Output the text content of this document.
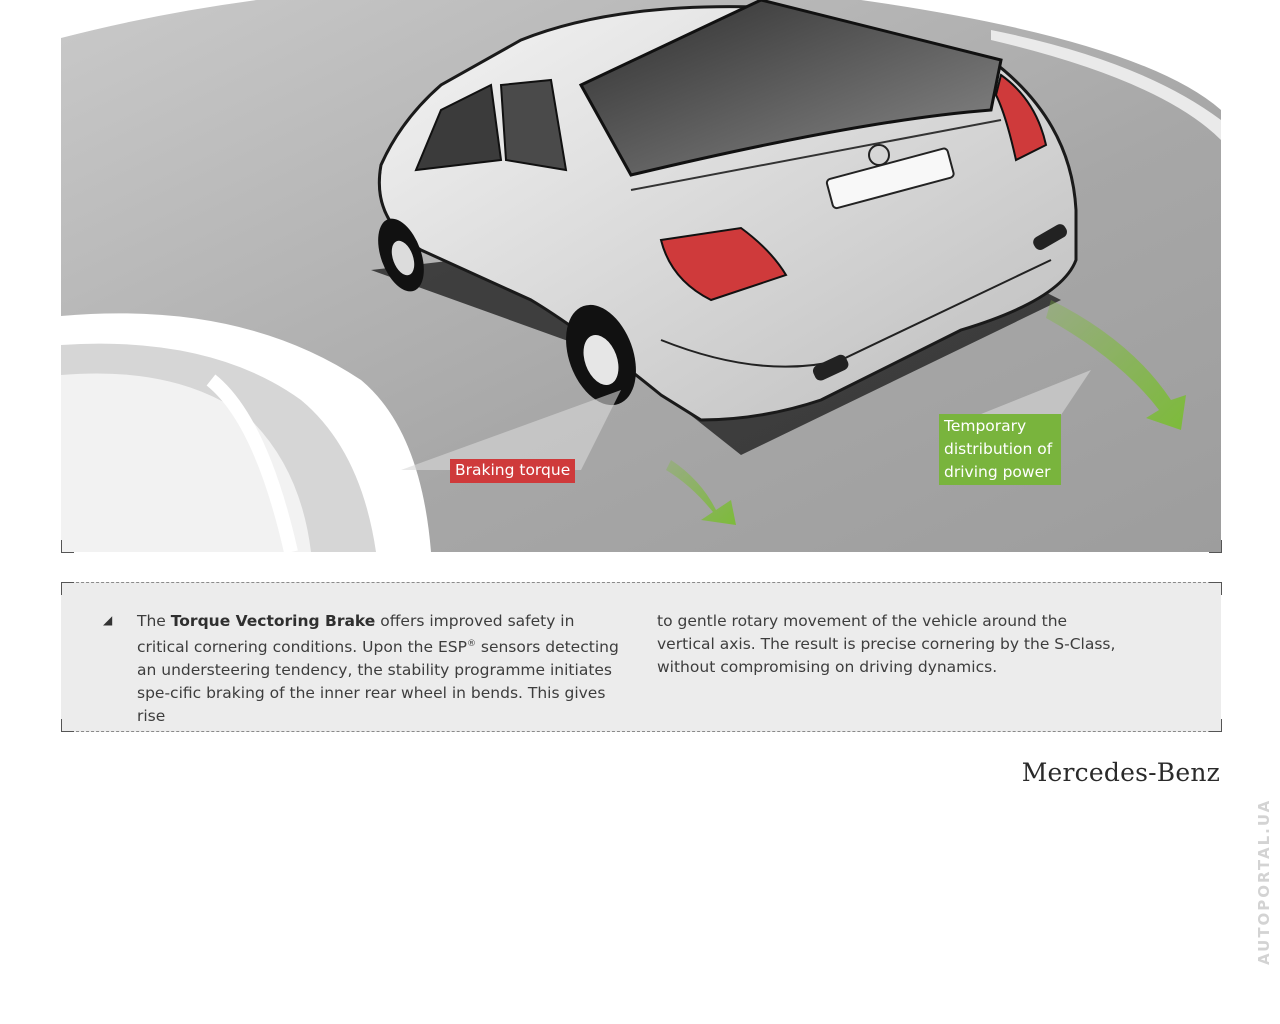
Braking torque
Temporary
distribution of
driving power
◢ The Torque Vectoring Brake offers improved safety in critical cornering conditions. Upon the ESP® sensors detecting an understeering tendency, the stability programme initiates spe-cific braking of the inner rear wheel in bends. This gives rise
to gentle rotary movement of the vehicle around the vertical axis. The result is precise cornering by the S-Class, without compromising on driving dynamics.
Mercedes-Benz
AUTOPORTAL.UA
